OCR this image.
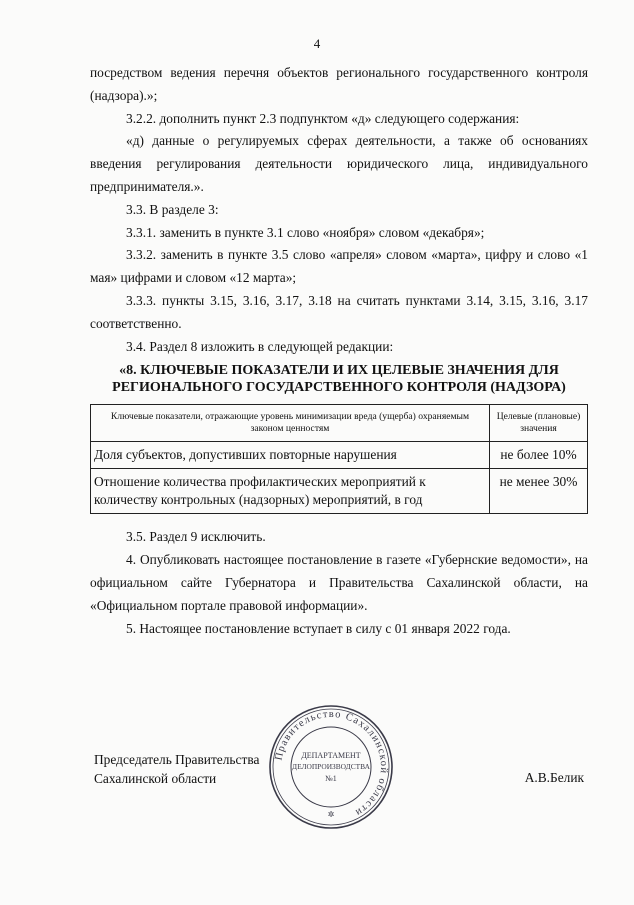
4

посредством ведения перечня объектов регионального государственного контроля (надзора).»;

3.2.2. дополнить пункт 2.3 подпунктом «д» следующего содержания:

«д) данные о регулируемых сферах деятельности, а также об основаниях введения регулирования деятельности юридического лица, индивидуального предпринимателя.».

3.3. В разделе 3:

3.3.1. заменить в пункте 3.1 слово «ноября» словом «декабря»;

3.3.2. заменить в пункте 3.5 слово «апреля» словом «марта», цифру и слово «1 мая» цифрами и словом «12 марта»;

3.3.3. пункты 3.15, 3.16, 3.17, 3.18 на считать пунктами 3.14, 3.15, 3.16, 3.17 соответственно.

3.4. Раздел 8 изложить в следующей редакции:

«8. КЛЮЧЕВЫЕ ПОКАЗАТЕЛИ И ИХ ЦЕЛЕВЫЕ ЗНАЧЕНИЯ ДЛЯ РЕГИОНАЛЬНОГО ГОСУДАРСТВЕННОГО КОНТРОЛЯ (НАДЗОРА)
Ключевые показатели, отражающие уровень минимизации вреда (ущерба) охраняемым законом ценностям	Целевые (плановые) значения
Доля субъектов, допустивших повторные нарушения	не более 10%
Отношение количества профилактических мероприятий к количеству контрольных (надзорных) мероприятий, в год	не менее 30%

3.5. Раздел 9 исключить.

4. Опубликовать настоящее постановление в газете «Губернские ведомости», на официальном сайте Губернатора и Правительства Сахалинской области, на «Официальном портале правовой информации».

5. Настоящее постановление вступает в силу с 01 января 2022 года.

Правительство Сахалинской области
ДЕПАРТАМЕНТ
ДЕЛОПРОИЗВОДСТВА
№1
✲
Председатель Правительства
Сахалинской области	А.В.Белик
